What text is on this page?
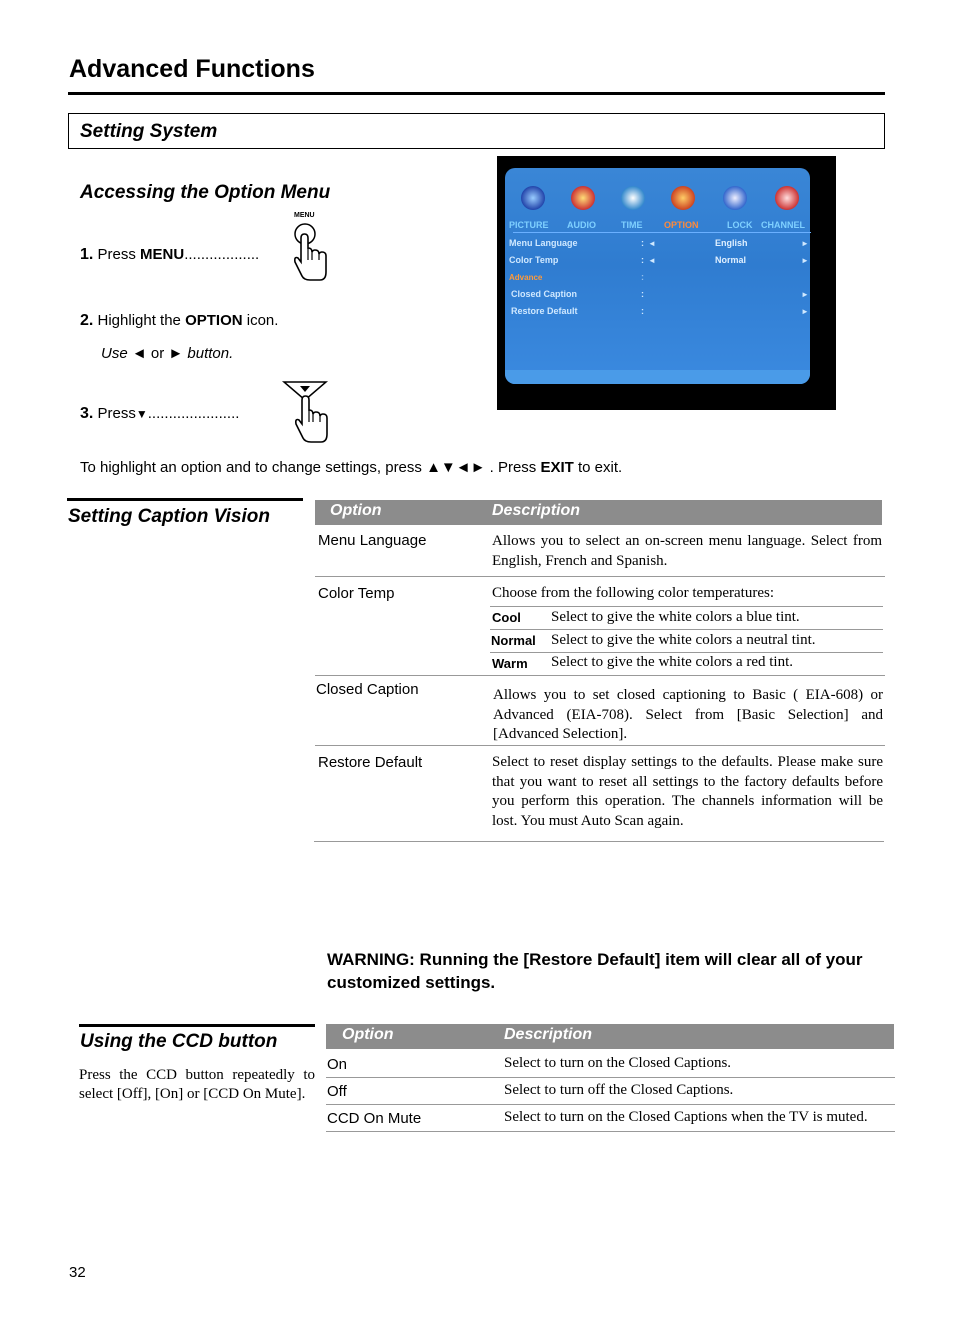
Advanced Functions
Setting System
Accessing the Option Menu
1. Press MENU..................
MENU
2. Highlight the OPTION icon.
Use ◄ or ► button.
3. Press▼......................
To highlight an option and to change settings, press ▲▼◄► . Press EXIT to exit.
PICTURE AUDIO	TIME OPTION	LOCK CHANNEL
Menu Language	: ◄	English	►
Color Temp	: ◄	Normal	►
Advance	:
Closed Caption	:	►
Restore Default	:	►
Setting Caption Vision	Option	Description
Menu Language	Allows you to select an on-screen menu language. Select from English, French and Spanish.
Color Temp	Choose from the following color temperatures:
Cool Select to give the white colors a blue tint.
Normal Select to give the white colors a neutral tint.
Warm Select to give the white colors a red tint.
Closed Caption	Allows you to set closed captioning to Basic ( EIA-608) or Advanced (EIA-708). Select from [Basic Selection] and [Advanced Selection].
Restore Default	Select to reset display settings to the defaults. Please make sure that you want to reset all settings to the factory defaults before you perform this operation. The channels information will be lost. You must Auto Scan again.
WARNING: Running the [Restore Default] item will clear all of your customized settings.
Using the CCD button
Press the CCD button repeatedly to select [Off], [On] or [CCD On Mute].
Option	Description
On	Select to turn on the Closed Captions.
Off	Select to turn off the Closed Captions.
CCD On Mute	Select to turn on the Closed Captions when the TV is muted.
32
